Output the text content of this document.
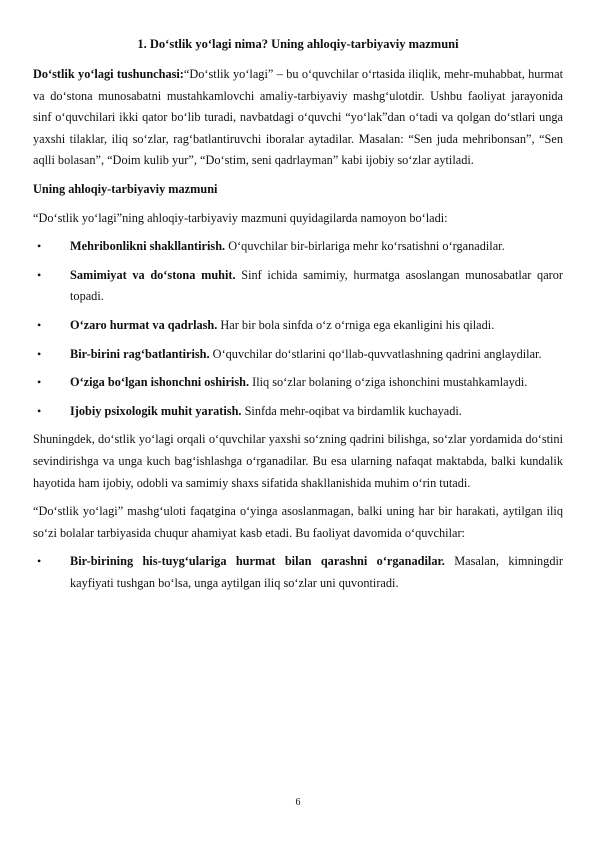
1. Do‘stlik yo‘lagi nima? Uning ahloqiy-tarbiyaviy mazmuni

Do‘stlik yo‘lagi tushunchasi:“Do‘stlik yo‘lagi” – bu o‘quvchilar o‘rtasida iliqlik, mehr-muhabbat, hurmat va do‘stona munosabatni mustahkamlovchi amaliy-tarbiyaviy mashg‘ulotdir. Ushbu faoliyat jarayonida sinf o‘quvchilari ikki qator bo‘lib turadi, navbatdagi o‘quvchi “yo‘lak”dan o‘tadi va qolgan do‘stlari unga yaxshi tilaklar, iliq so‘zlar, rag‘batlantiruvchi iboralar aytadilar. Masalan: “Sen juda mehribonsan”, “Sen aqlli bolasan”, “Doim kulib yur”, “Do‘stim, seni qadrlayman” kabi ijobiy so‘zlar aytiladi.

Uning ahloqiy-tarbiyaviy mazmuni

“Do‘stlik yo‘lagi”ning ahloqiy-tarbiyaviy mazmuni quyidagilarda namoyon bo‘ladi:

• Mehribonlikni shakllantirish. O‘quvchilar bir-birlariga mehr ko‘rsatishni o‘rganadilar.
• Samimiyat va do‘stona muhit. Sinf ichida samimiy, hurmatga asoslangan munosabatlar qaror topadi.
• O‘zaro hurmat va qadrlash. Har bir bola sinfda o‘z o‘rniga ega ekanligini his qiladi.
• Bir-birini rag‘batlantirish. O‘quvchilar do‘stlarini qo‘llab-quvvatlashning qadrini anglaydilar.
• O‘ziga bo‘lgan ishonchni oshirish. Iliq so‘zlar bolaning o‘ziga ishonchini mustahkamlaydi.
• Ijobiy psixologik muhit yaratish. Sinfda mehr-oqibat va birdamlik kuchayadi.

Shuningdek, do‘stlik yo‘lagi orqali o‘quvchilar yaxshi so‘zning qadrini bilishga, so‘zlar yordamida do‘stini sevindirishga va unga kuch bag‘ishlashga o‘rganadilar. Bu esa ularning nafaqat maktabda, balki kundalik hayotida ham ijobiy, odobli va samimiy shaxs sifatida shakllanishida muhim o‘rin tutadi.

“Do‘stlik yo‘lagi” mashg‘uloti faqatgina o‘yinga asoslanmagan, balki uning har bir harakati, aytilgan iliq so‘zi bolalar tarbiyasida chuqur ahamiyat kasb etadi. Bu faoliyat davomida o‘quvchilar:

• Bir-birining his-tuyg‘ulariga hurmat bilan qarashni o‘rganadilar. Masalan, kimningdir kayfiyati tushgan bo‘lsa, unga aytilgan iliq so‘zlar uni quvontiradi.
6
